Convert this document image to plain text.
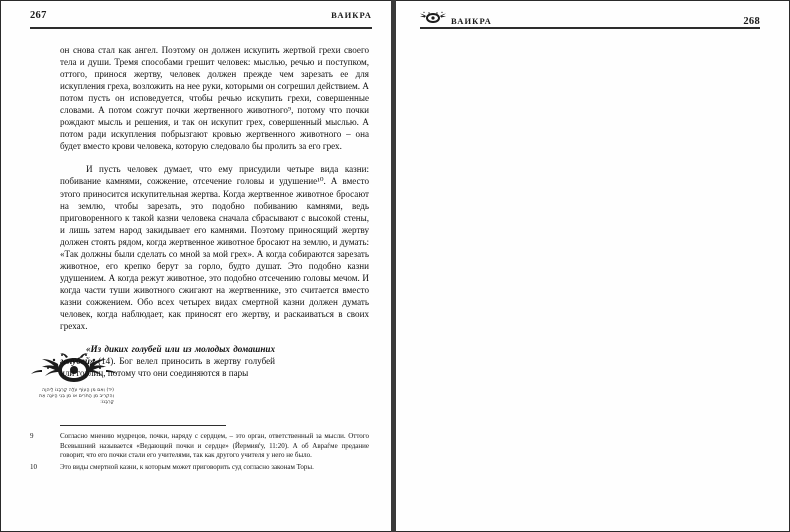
267	ВАИКРА
(יד) וְאִם מִן הָעוֹף עֹלָה קָרְבָּנוֹ לַיהוָה וְהִקְרִיב מִן הַתֹּרִים אוֹ מִן בְּנֵי הַיּוֹנָה אֶת קָרְבָּנוֹ:

он снова стал как ангел. Поэтому он должен искупить жертвой грехи своего тела и души. Тремя способами грешит человек: мыслью, речью и поступком, оттого, принося жертву, человек должен прежде чем зарезать ее для искупления греха, возложить на нее руки, которыми он согрешил действием. А потом пусть он исповедуется, чтобы речью искупить грехи, совершенные словами. А потом сожгут почки жертвенного животного⁹, потому что почки рождают мысль и решения, и так он искупит грех, совершенный мыслью. А потом ради искупления побрызгают кровью жертвенного животного – она будет вместо крови человека, которую следовало бы пролить за его грех.

И пусть человек думает, что ему присудили четыре вида казни: побивание камнями, сожжение, отсечение головы и удушение¹⁰. А вместо этого приносится искупительная жертва. Когда жертвенное животное бросают на землю, чтобы зарезать, это подобно побиванию камнями, ведь приговоренного к такой казни человека сначала сбрасывают с высокой стены, и лишь затем народ закидывает его камнями. Поэтому приносящий жертву должен стоять рядом, когда жертвенное животное бросают на землю, и думать: «Так должны были сделать со мной за мой грех». А когда собираются зарезать животное, его крепко берут за горло, будто душат. Это подобно казни удушением. А когда режут животное, это подобно отсечению головы мечом. И когда части туши животного сжигают на жертвеннике, это считается вместо казни сожжением. Обо всех четырех видах смертной казни должен думать человек, когда наблюдает, как приносят его жертву, и раскаиваться в своих грехах.

«Из диких голубей или из молодых домашних голубей» (14). Бог велел приносить в жертву голубей или горлиц, потому что они соединяются в пары

9	Согласно мнению мудрецов, почки, наряду с сердцем, – это орган, ответственный за мысли. Оттого Всевышний называется «Ведающий почки и сердце» (Йермияѓу, 11:20). А об Авраѓме предание говорит, что его почки стали его учителями, так как другого учителя у него не было.
10	Это виды смертной казни, к которым может приговорить суд согласно законам Торы.
ВАИКРА	268
